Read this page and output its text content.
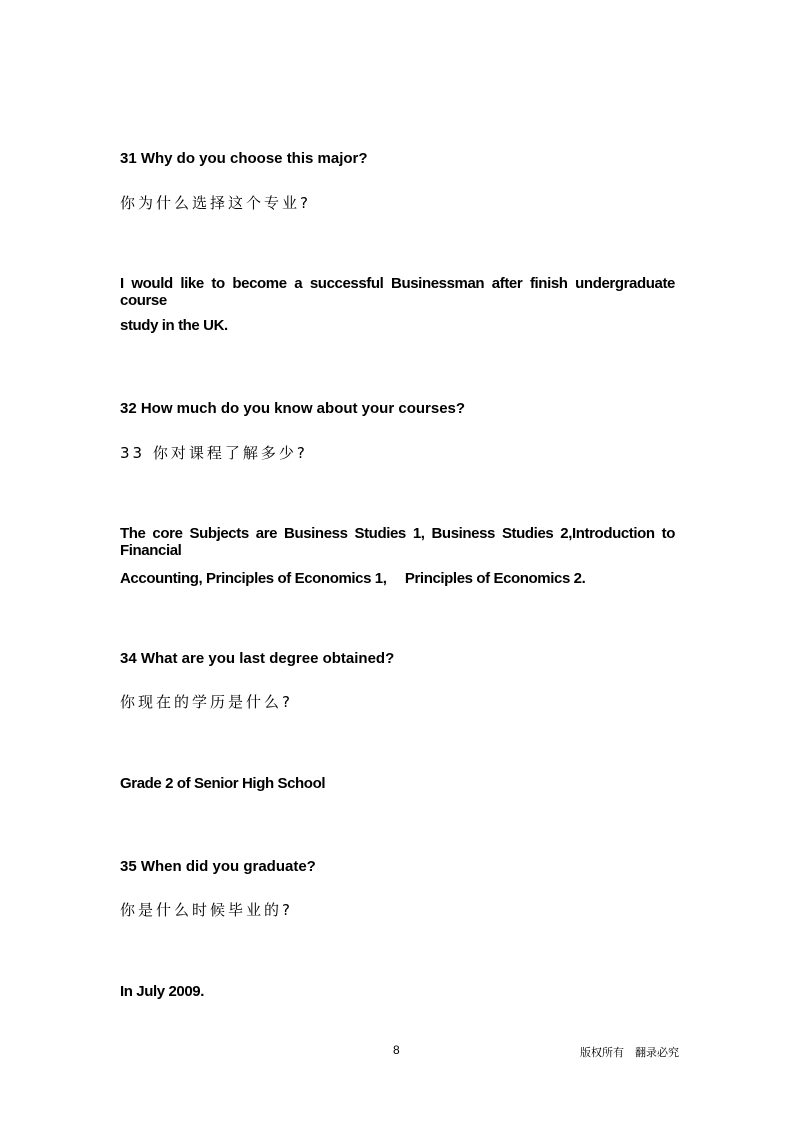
31 Why do you choose this major?
你为什么选择这个专业?
I would like to become a successful Businessman after finish undergraduate course
study in the UK.
32 How much do you know about your courses?
33 你对课程了解多少?
The core Subjects are Business Studies 1, Business Studies 2,Introduction to Financial
Accounting, Principles of Economics 1,　 Principles of Economics 2.
34 What are you last degree obtained?
你现在的学历是什么?
Grade 2 of Senior High School
35 When did you graduate?
你是什么时候毕业的?
In July 2009.
8	版权所有　翻录必究
